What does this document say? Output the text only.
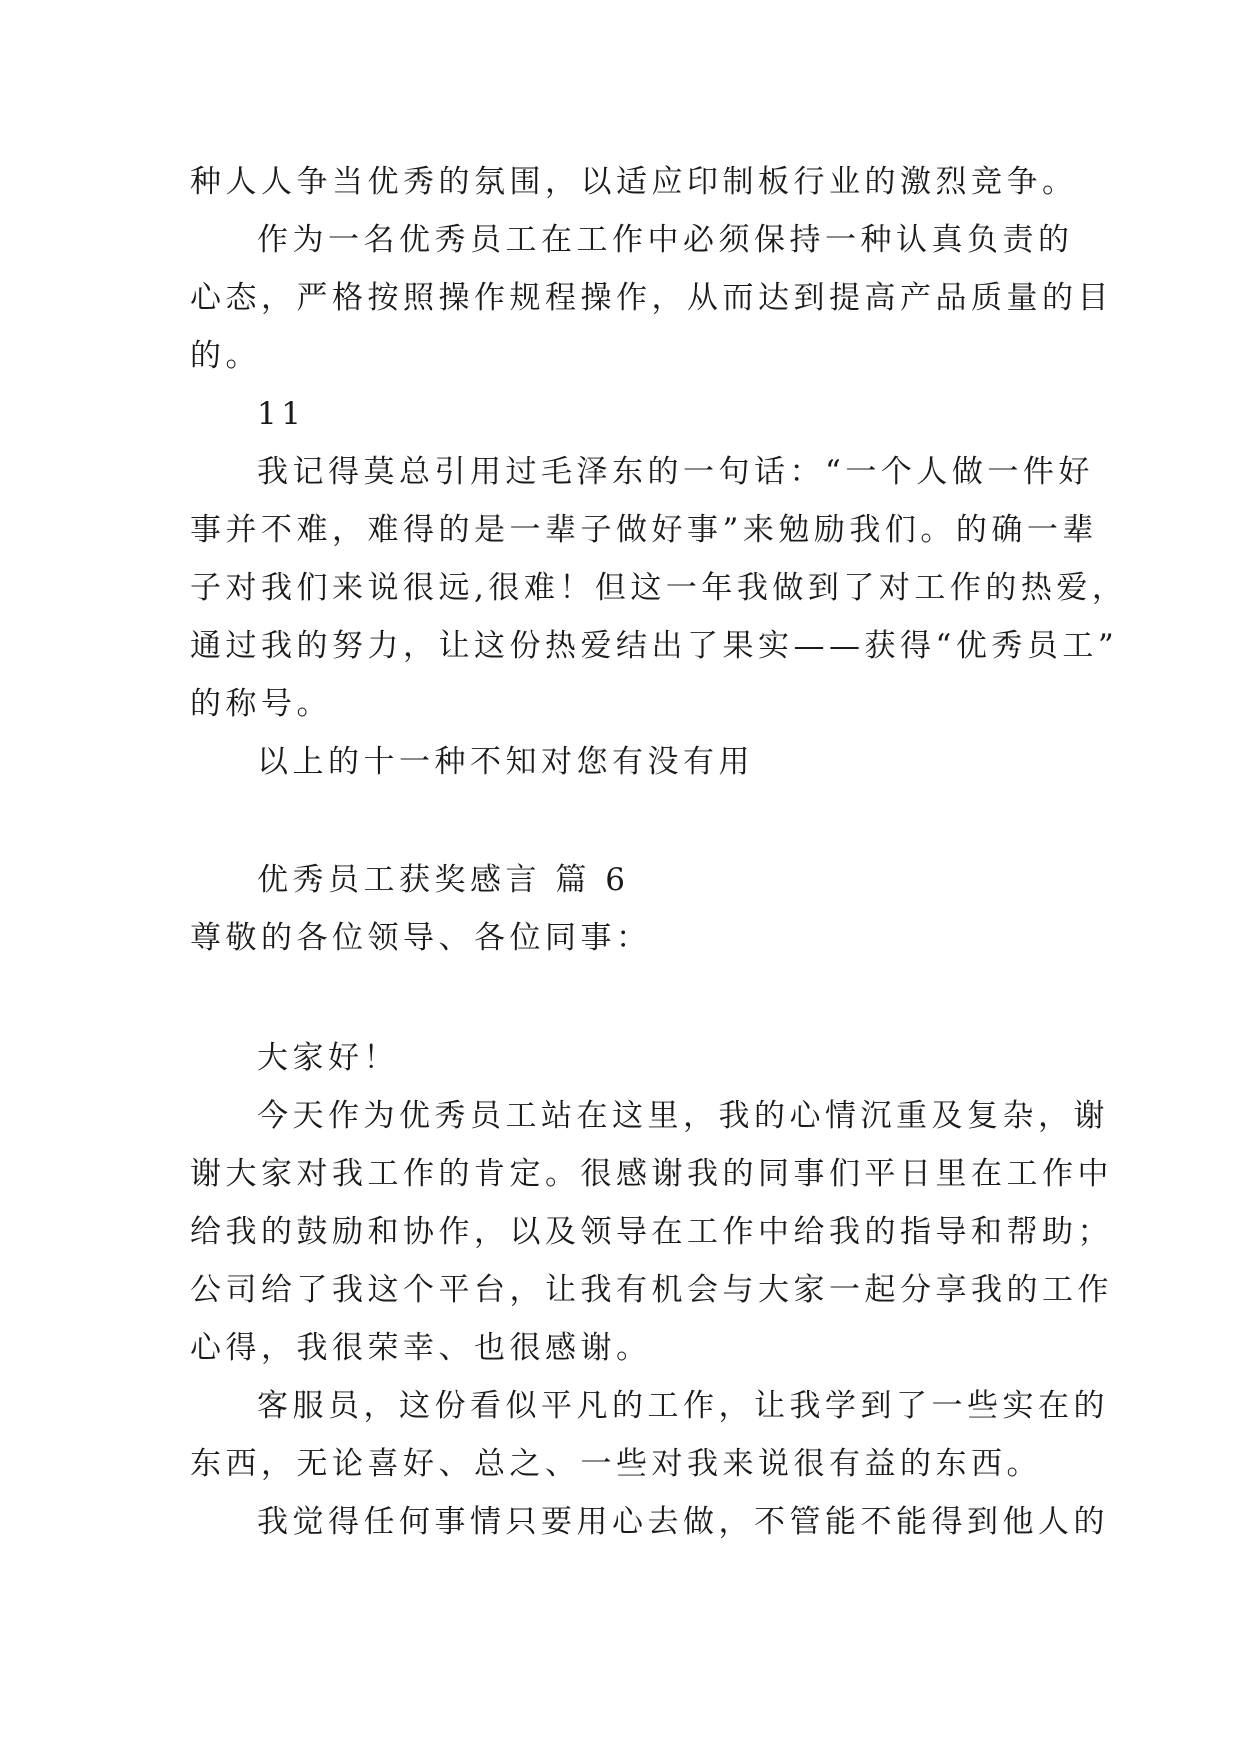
种人人争当优秀的氛围，以适应印制板行业的激烈竞争。
作为一名优秀员工在工作中必须保持一种认真负责的
心态，严格按照操作规程操作，从而达到提高产品质量的目
的。
11
我记得莫总引用过毛泽东的一句话：“一个人做一件好
事并不难，难得的是一辈子做好事”来勉励我们。的确一辈
子对我们来说很远,很难！但这一年我做到了对工作的热爱，
通过我的努力，让这份热爱结出了果实——获得“优秀员工”
的称号。
以上的十一种不知对您有没有用
优秀员工获奖感言 篇 6
尊敬的各位领导、各位同事：
大家好！
今天作为优秀员工站在这里，我的心情沉重及复杂，谢
谢大家对我工作的肯定。很感谢我的同事们平日里在工作中
给我的鼓励和协作，以及领导在工作中给我的指导和帮助；
公司给了我这个平台，让我有机会与大家一起分享我的工作
心得，我很荣幸、也很感谢。
客服员，这份看似平凡的工作，让我学到了一些实在的
东西，无论喜好、总之、一些对我来说很有益的东西。
我觉得任何事情只要用心去做，不管能不能得到他人的
